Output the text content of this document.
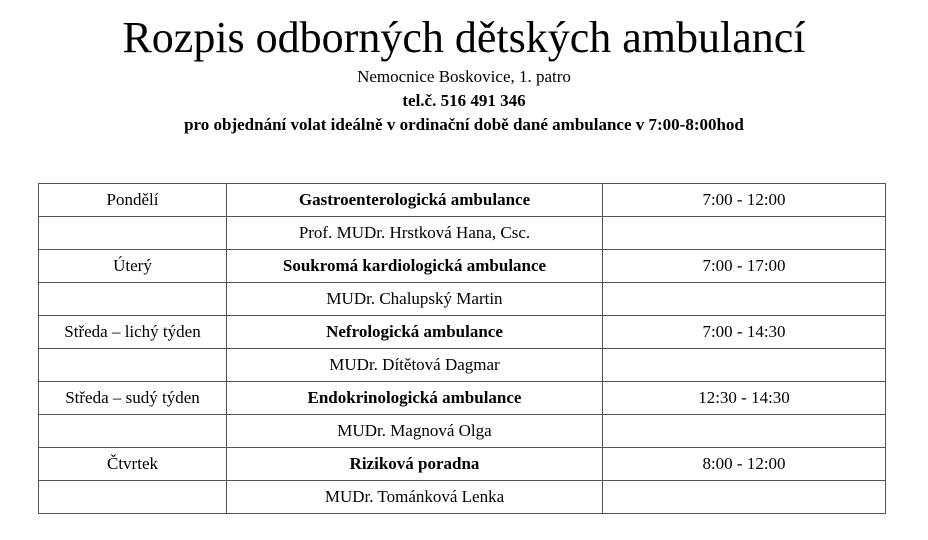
Rozpis odborných dětských ambulancí
Nemocnice Boskovice, 1. patro
tel.č. 516 491 346
pro objednání volat ideálně v ordinační době dané ambulance v 7:00-8:00hod
Pondělí	Gastroenterologická ambulance	7:00 - 12:00
	Prof. MUDr. Hrstková Hana, Csc.	
Úterý	Soukromá kardiologická ambulance	7:00 - 17:00
	MUDr. Chalupský Martin	
Středa – lichý týden	Nefrologická ambulance	7:00 - 14:30
	MUDr. Dítětová Dagmar	
Středa – sudý týden	Endokrinologická ambulance	12:30 - 14:30
	MUDr. Magnová Olga	
Čtvrtek	Riziková poradna	8:00 - 12:00
	MUDr. Tománková Lenka	
